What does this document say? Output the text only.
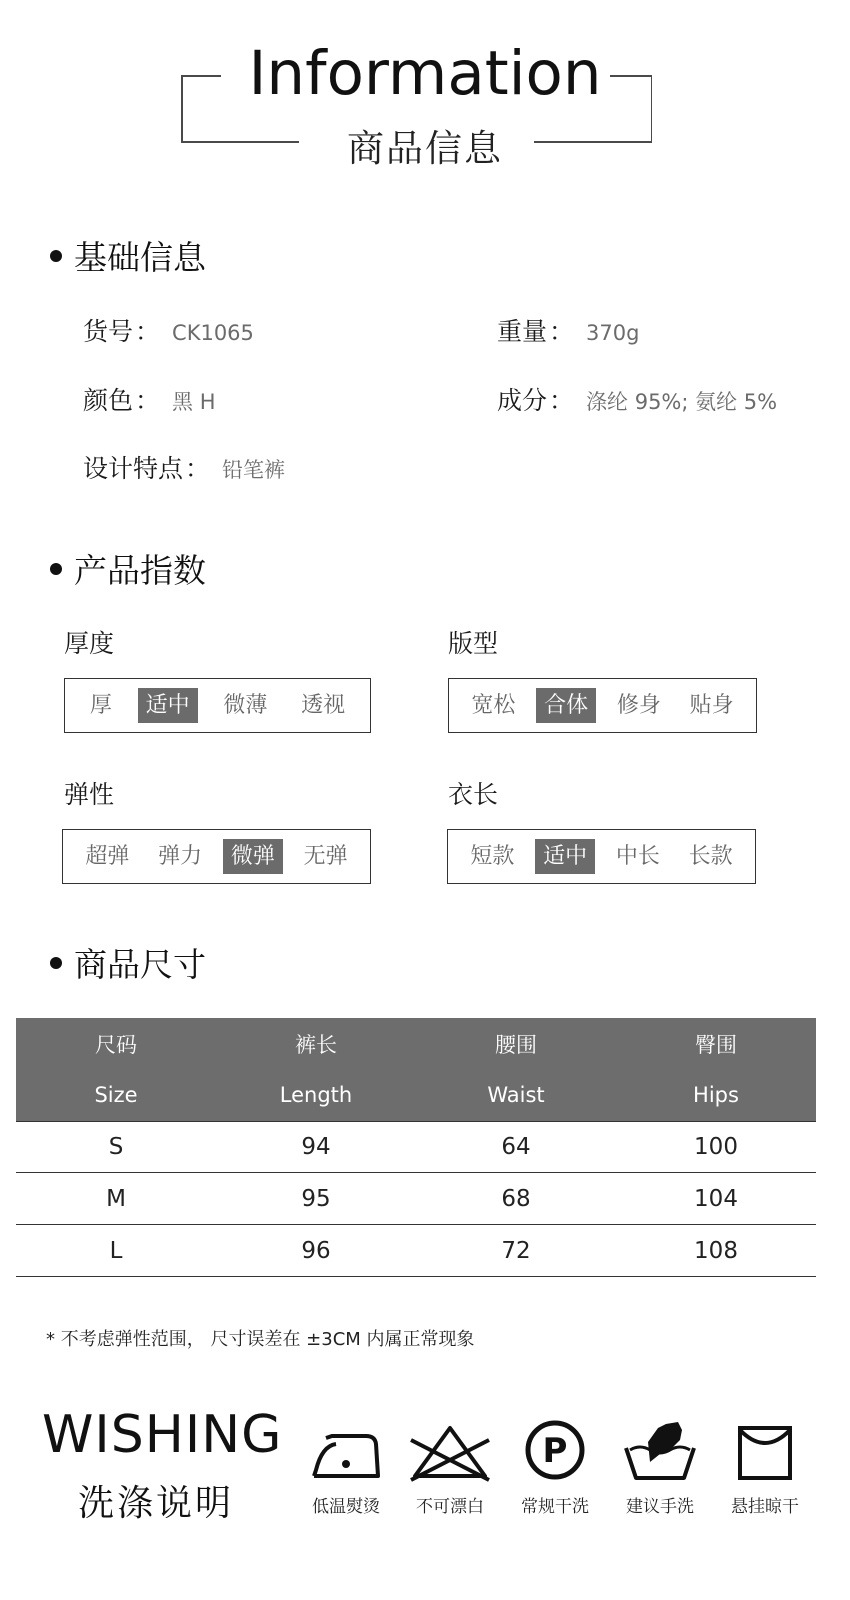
Information
商品信息
基础信息
货号： CK1065	重量： 370g
颜色： 黑 H	成分： 涤纶 95%; 氨纶 5%
设计特点： 铅笔裤
产品指数
厚度
厚	适中	微薄	透视
版型
宽松	合体	修身	贴身
弹性
超弹	弹力	微弹	无弹
衣长
短款	适中	中长	长款
商品尺寸
尺码	裤长	腰围	臀围
Size	Length	Waist	Hips
S	94	64	100
M	95	68	104
L	96	72	108
* 不考虑弹性范围， 尺寸误差在 ±3CM 内属正常现象
WISHING
洗涤说明	低温熨烫	不可漂白
P
常规干洗	建议手洗	悬挂晾干
